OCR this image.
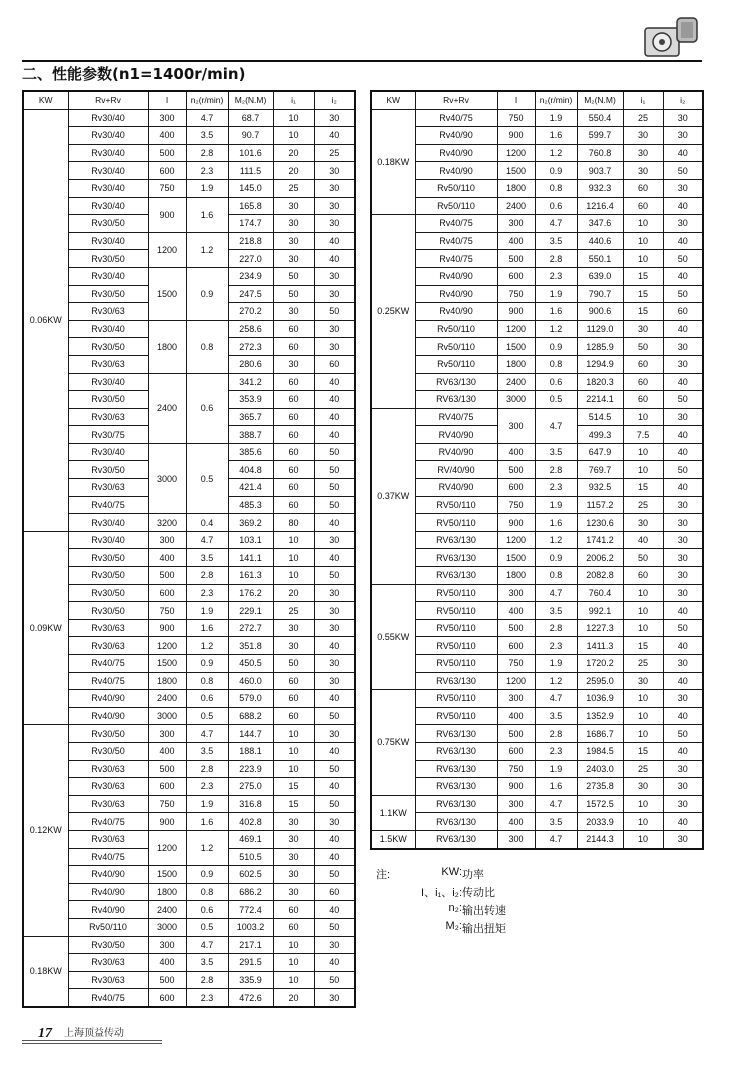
二、性能参数(n1=1400r/min)
KW	Rv+Rv	I	n₂(r/min)	M₂(N.M)	i₁	i₂
0.06KW	Rv30/40	300	4.7	68.7	10	30
	Rv30/40	400	3.5	90.7	10	40
	Rv30/40	500	2.8	101.6	20	25
	Rv30/40	600	2.3	111.5	20	30
	Rv30/40	750	1.9	145.0	25	30
	Rv30/40	900	1.6	165.8	30	30
	Rv30/50			174.7	30	30
	Rv30/40	1200	1.2	218.8	30	40
	Rv30/50			227.0	30	40
	Rv30/40	1500	0.9	234.9	50	30
	Rv30/50			247.5	50	30
	Rv30/63			270.2	30	50
	Rv30/40	1800	0.8	258.6	60	30
	Rv30/50			272.3	60	30
	Rv30/63			280.6	30	60
	Rv30/40	2400	0.6	341.2	60	40
	Rv30/50			353.9	60	40
	Rv30/63			365.7	60	40
	Rv30/75			388.7	60	40
	Rv30/40	3000	0.5	385.6	60	50
	Rv30/50			404.8	60	50
	Rv30/63			421.4	60	50
	Rv40/75			485.3	60	50
	Rv30/40	3200	0.4	369.2	80	40
0.09KW	Rv30/40	300	4.7	103.1	10	30
	Rv30/50	400	3.5	141.1	10	40
	Rv30/50	500	2.8	161.3	10	50
	Rv30/50	600	2.3	176.2	20	30
	Rv30/50	750	1.9	229.1	25	30
	Rv30/63	900	1.6	272.7	30	30
	Rv30/63	1200	1.2	351.8	30	40
	Rv40/75	1500	0.9	450.5	50	30
	Rv40/75	1800	0.8	460.0	60	30
	Rv40/90	2400	0.6	579.0	60	40
	Rv40/90	3000	0.5	688.2	60	50
0.12KW	Rv30/50	300	4.7	144.7	10	30
	Rv30/50	400	3.5	188.1	10	40
	Rv30/63	500	2.8	223.9	10	50
	Rv30/63	600	2.3	275.0	15	40
	Rv30/63	750	1.9	316.8	15	50
	Rv40/75	900	1.6	402.8	30	30
	Rv30/63	1200	1.2	469.1	30	40
	Rv40/75			510.5	30	40
	Rv40/90	1500	0.9	602.5	30	50
	Rv40/90	1800	0.8	686.2	30	60
	Rv40/90	2400	0.6	772.4	60	40
	Rv50/110	3000	0.5	1003.2	60	50
0.18KW	Rv30/50	300	4.7	217.1	10	30
	Rv30/63	400	3.5	291.5	10	40
	Rv30/63	500	2.8	335.9	10	50
	Rv40/75	600	2.3	472.6	20	30
KW	Rv+Rv	I	n₂(r/min)	M₂(N.M)	i₁	i₂
0.18KW	Rv40/75	750	1.9	550.4	25	30
	Rv40/90	900	1.6	599.7	30	30
	Rv40/90	1200	1.2	760.8	30	40
	Rv40/90	1500	0.9	903.7	30	50
	Rv50/110	1800	0.8	932.3	60	30
	Rv50/110	2400	0.6	1216.4	60	40
0.25KW	Rv40/75	300	4.7	347.6	10	30
	Rv40/75	400	3.5	440.6	10	40
	Rv40/75	500	2.8	550.1	10	50
	Rv40/90	600	2.3	639.0	15	40
	Rv40/90	750	1.9	790.7	15	50
	Rv40/90	900	1.6	900.6	15	60
	Rv50/110	1200	1.2	1129.0	30	40
	Rv50/110	1500	0.9	1285.9	50	30
	Rv50/110	1800	0.8	1294.9	60	30
	RV63/130	2400	0.6	1820.3	60	40
	RV63/130	3000	0.5	2214.1	60	50
0.37KW	RV40/75	300	4.7	514.5	10	30
	RV40/90			499.3	7.5	40
	RV40/90	400	3.5	647.9	10	40
	RV/40/90	500	2.8	769.7	10	50
	RV40/90	600	2.3	932.5	15	40
	RV50/110	750	1.9	1157.2	25	30
	RV50/110	900	1.6	1230.6	30	30
	RV63/130	1200	1.2	1741.2	40	30
	RV63/130	1500	0.9	2006.2	50	30
	RV63/130	1800	0.8	2082.8	60	30
0.55KW	RV50/110	300	4.7	760.4	10	30
	RV50/110	400	3.5	992.1	10	40
	RV50/110	500	2.8	1227.3	10	50
	RV50/110	600	2.3	1411.3	15	40
	RV50/110	750	1.9	1720.2	25	30
	RV63/130	1200	1.2	2595.0	30	40
0.75KW	RV50/110	300	4.7	1036.9	10	30
	RV50/110	400	3.5	1352.9	10	40
	RV63/130	500	2.8	1686.7	10	50
	RV63/130	600	2.3	1984.5	15	40
	RV63/130	750	1.9	2403.0	25	30
	RV63/130	900	1.6	2735.8	30	30
1.1KW	RV63/130	300	4.7	1572.5	10	30
	RV63/130	400	3.5	2033.9	10	40
1.5KW	RV63/130	300	4.7	2144.3	10	30
注:	KW: 功率
I、i₁、i₂: 传动比
n₂: 输出转速
M₂: 输出扭矩
17 上海顶益传动
